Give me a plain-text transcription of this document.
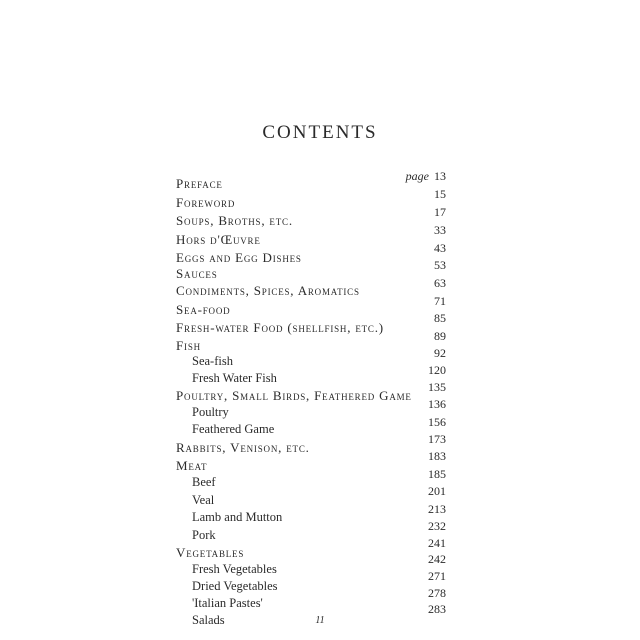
CONTENTS
Preface
Foreword
Soups, Broths, etc.
Hors d'Œuvre
Eggs and Egg Dishes
Sauces
Condiments, Spices, Aromatics
Sea-food
Fresh-water Food (shellfish, etc.)
Fish
Sea-fish
Fresh Water Fish
Poultry, Small Birds, Feathered Game
Poultry
Feathered Game
Rabbits, Venison, etc.
Meat
Beef
Veal
Lamb and Mutton
Pork
Vegetables
Fresh Vegetables
Dried Vegetables
'Italian Pastes'
Salads
page 13
15
17
33
43
53
63
71
85
89
92
120
135
136
156
173
183
185
201
213
232
241
242
271
278
283
11
